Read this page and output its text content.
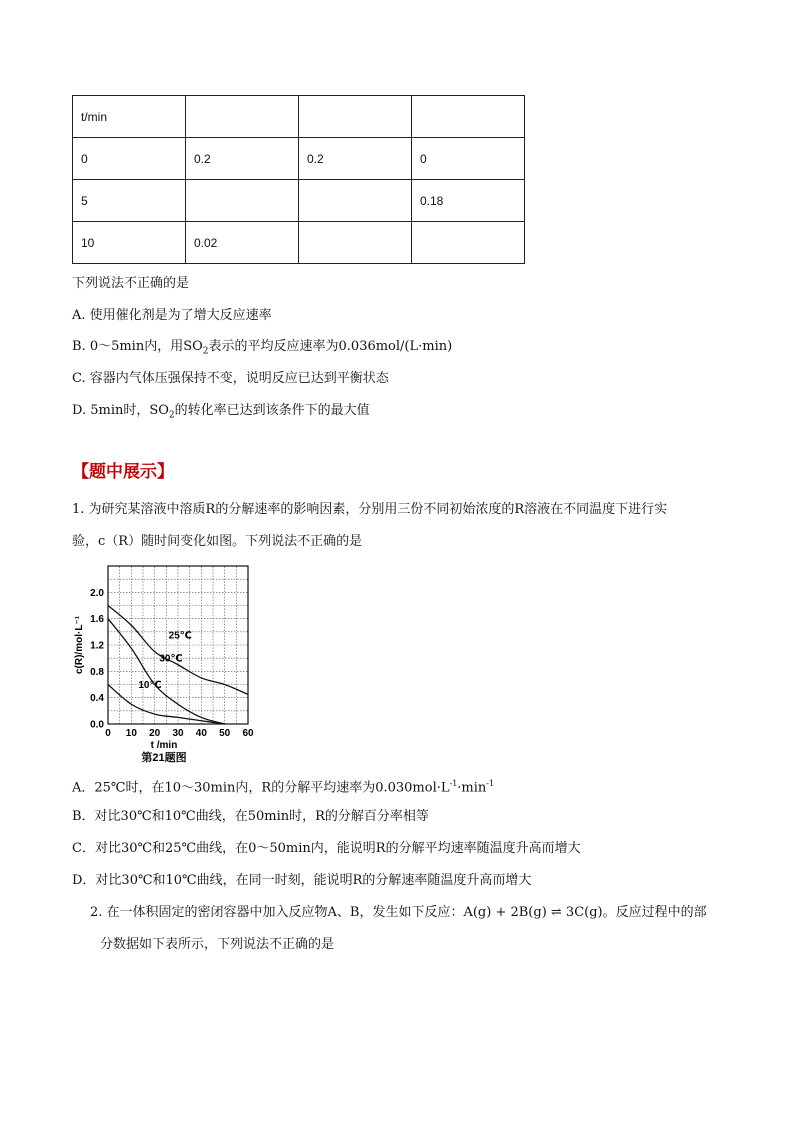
t/min			
0	0.2	0.2	0
5			0.18
10	0.02		
下列说法不正确的是
A. 使用催化剂是为了增大反应速率
B. 0～5min内，用$SO_2$表示的平均反应速率为0.036mol/(L·min)
C. 容器内气体压强保持不变，说明反应已达到平衡状态
D. 5min时，$SO_2$的转化率已达到该条件下的最大值
【题中展示】
1. 为研究某溶液中溶质R的分解速率的影响因素，分别用三份不同初始浓度的R溶液在不同温度下进行实
验，c（R）随时间变化如图。下列说法不正确的是
0.0
0.4
0.8
1.2
1.6
2.0
0 10 20 30 40 50 60
t /min
c(R)/mol·L⁻¹
第21题图
25℃
30℃
10℃
A．25℃时，在10～30min内，R的分解平均速率为$0.030mol\cdot L^{-1}\cdot\min^{-1}$
B．对比30℃和10℃曲线，在50min时，R的分解百分率相等
C．对比30℃和25℃曲线，在0～50min内，能说明R的分解平均速率随温度升高而增大
D．对比30℃和10℃曲线，在同一时刻，能说明R的分解速率随温度升高而增大
2. 在一体积固定的密闭容器中加入反应物A、B，发生如下反应：A(g) + 2B(g) ⇌ 3C(g)。反应过程中的部
分数据如下表所示，下列说法不正确的是
